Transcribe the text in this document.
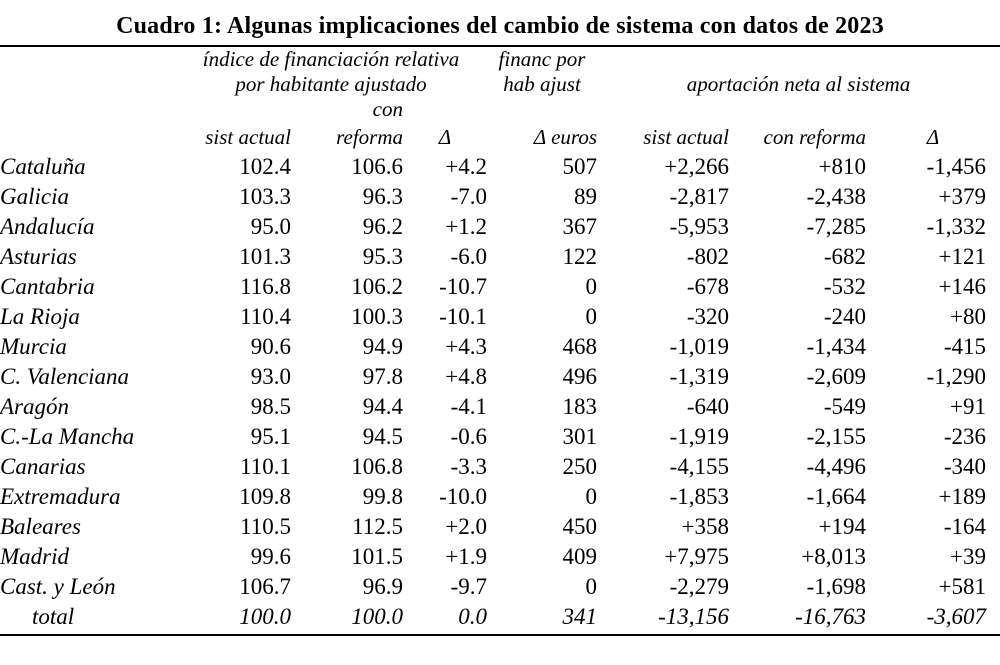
Cuadro 1: Algunas implicaciones del cambio de sistema con datos de 2023

índice de financiación relativa
por habitante ajustado

financ por
hab ajust	aportación neta al sistema

		con					
	sist actual	reforma	Δ	Δ euros	sist actual	con reforma	Δ
Cataluña	102.4	106.6	+4.2	507	+2,266	+810	-1,456
Galicia	103.3	96.3	-7.0	89	-2,817	-2,438	+379
Andalucía	95.0	96.2	+1.2	367	-5,953	-7,285	-1,332
Asturias	101.3	95.3	-6.0	122	-802	-682	+121
Cantabria	116.8	106.2	-10.7	0	-678	-532	+146
La Rioja	110.4	100.3	-10.1	0	-320	-240	+80
Murcia	90.6	94.9	+4.3	468	-1,019	-1,434	-415
C. Valenciana	93.0	97.8	+4.8	496	-1,319	-2,609	-1,290
Aragón	98.5	94.4	-4.1	183	-640	-549	+91
C.-La Mancha	95.1	94.5	-0.6	301	-1,919	-2,155	-236
Canarias	110.1	106.8	-3.3	250	-4,155	-4,496	-340
Extremadura	109.8	99.8	-10.0	0	-1,853	-1,664	+189
Baleares	110.5	112.5	+2.0	450	+358	+194	-164
Madrid	99.6	101.5	+1.9	409	+7,975	+8,013	+39
Cast. y León	106.7	96.9	-9.7	0	-2,279	-1,698	+581
total	100.0	100.0	0.0	341	-13,156	-16,763	-3,607
